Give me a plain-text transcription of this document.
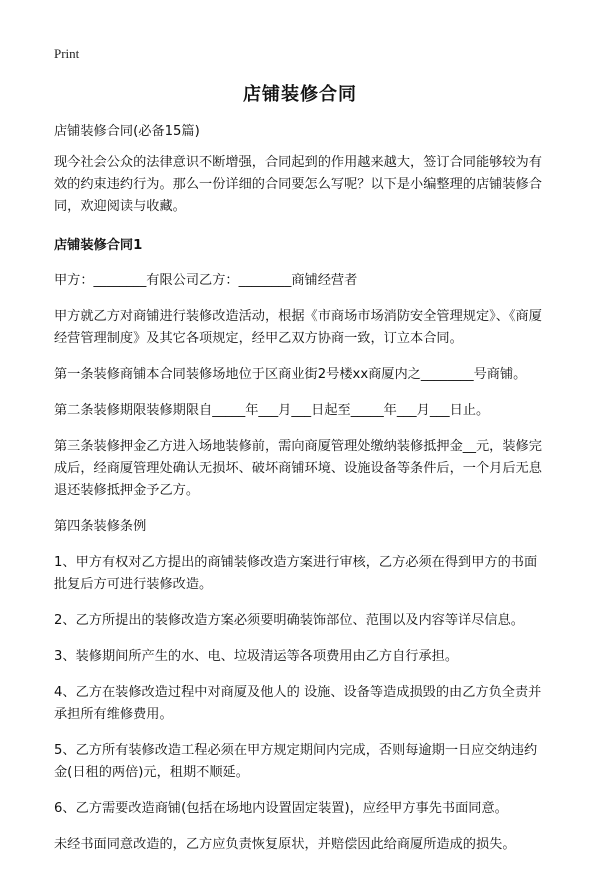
Print
店铺装修合同

店铺装修合同(必备15篇)

现今社会公众的法律意识不断增强，合同起到的作用越来越大，签订合同能够较为有效的约束违约行为。那么一份详细的合同要怎么写呢？以下是小编整理的店铺装修合同，欢迎阅读与收藏。

店铺装修合同1

甲方：________有限公司乙方：________商铺经营者

甲方就乙方对商铺进行装修改造活动，根据《市商场市场消防安全管理规定》、《商厦经营管理制度》及其它各项规定，经甲乙双方协商一致，订立本合同。

第一条装修商铺本合同装修场地位于区商业街2号楼xx商厦内之________号商铺。

第二条装修期限装修期限自_____年___月___日起至_____年___月___日止。

第三条装修押金乙方进入场地装修前，需向商厦管理处缴纳装修抵押金__元，装修完成后，经商厦管理处确认无损坏、破坏商铺环境、设施设备等条件后，一个月后无息退还装修抵押金予乙方。

第四条装修条例

1、甲方有权对乙方提出的商铺装修改造方案进行审核，乙方必须在得到甲方的书面批复后方可进行装修改造。

2、乙方所提出的装修改造方案必须要明确装饰部位、范围以及内容等详尽信息。

3、装修期间所产生的水、电、垃圾清运等各项费用由乙方自行承担。

4、乙方在装修改造过程中对商厦及他人的 设施、设备等造成损毁的由乙方负全责并承担所有维修费用。

5、乙方所有装修改造工程必须在甲方规定期间内完成，否则每逾期一日应交纳违约金(日租的两倍)元，租期不顺延。

6、乙方需要改造商铺(包括在场地内设置固定装置)，应经甲方事先书面同意。

未经书面同意改造的，乙方应负责恢复原状，并赔偿因此给商厦所造成的损失。
